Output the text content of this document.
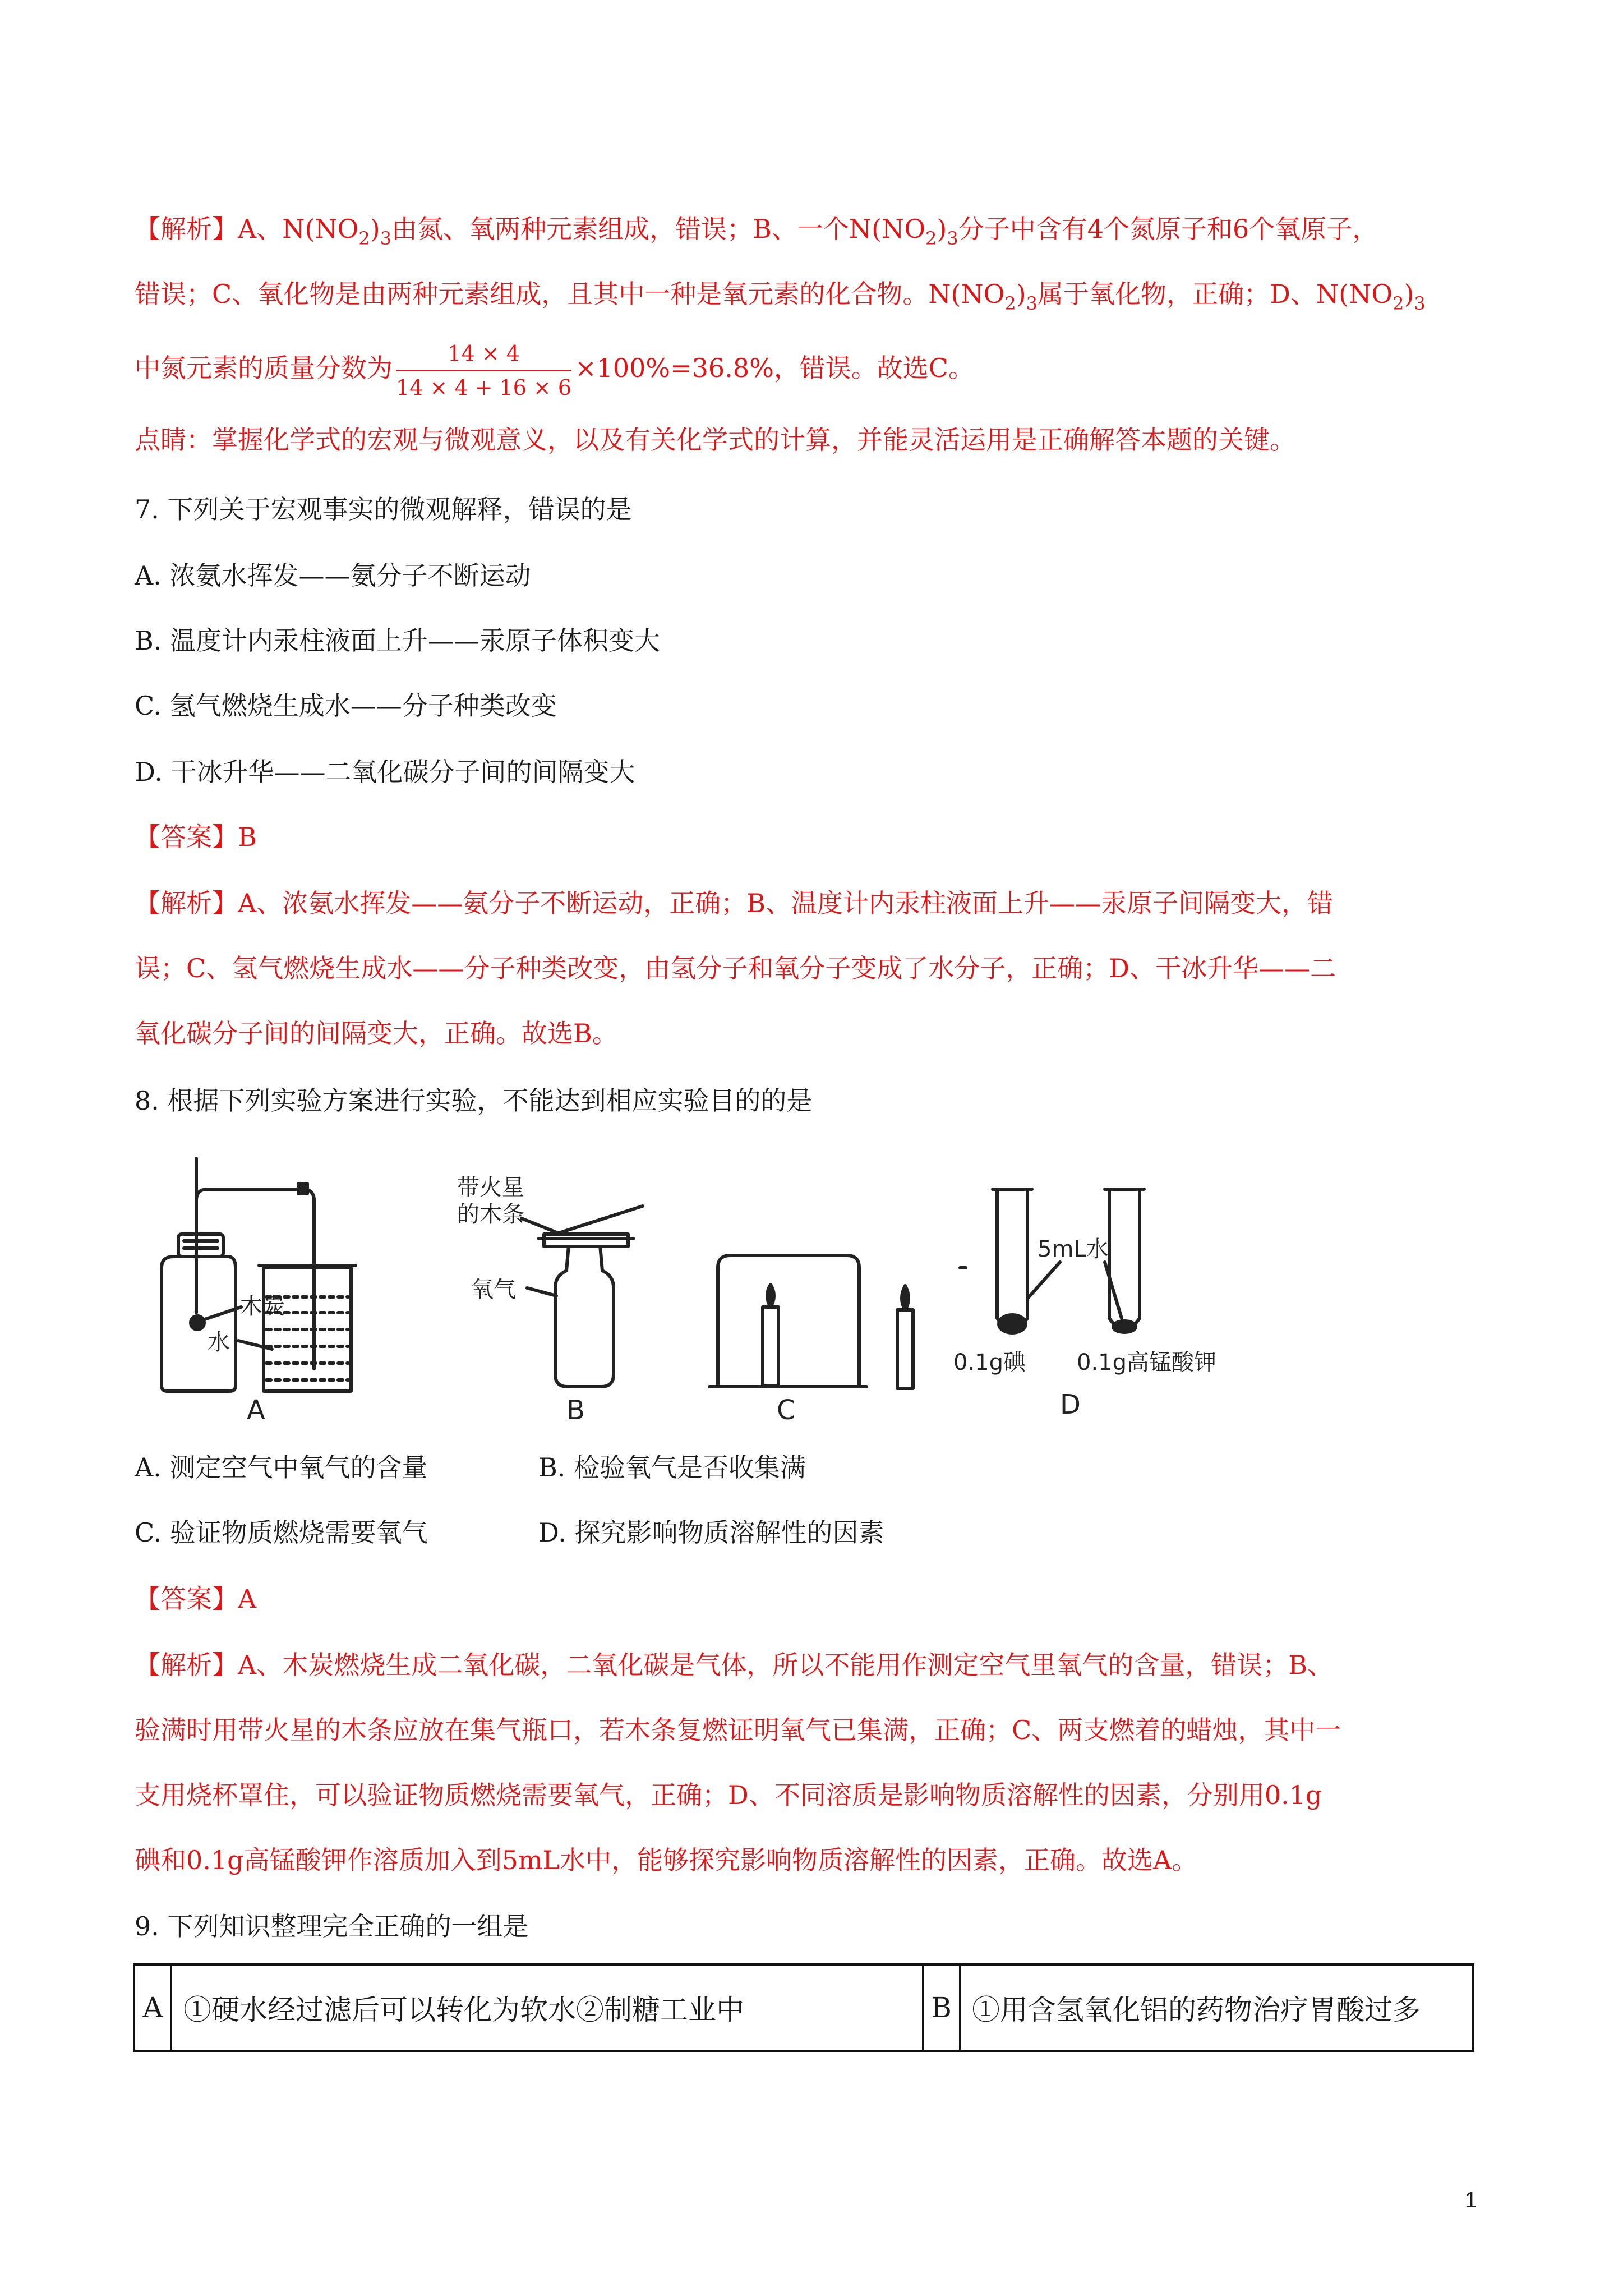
【解析】A、$N(NO_2)_3$由氮、氧两种元素组成，错误；B、一个$N(NO_2)_3$分子中含有4个氮原子和6个氧原子，
错误；C、氧化物是由两种元素组成，且其中一种是氧元素的化合物。$N(NO_2)_3$属于氧化物，正确；D、$N(NO_2)_3$
中氮元素的质量分数为 $\frac{14 \times 4}{14 \times 4 + 16 \times 6} \times 100\%=36.8\%$，错误。故选C。
点睛：掌握化学式的宏观与微观意义，以及有关化学式的计算，并能灵活运用是正确解答本题的关键。
7. 下列关于宏观事实的微观解释，错误的是
A. 浓氨水挥发——氨分子不断运动
B. 温度计内汞柱液面上升——汞原子体积变大
C. 氢气燃烧生成水——分子种类改变
D. 干冰升华——二氧化碳分子间的间隔变大
【答案】B
【解析】A、浓氨水挥发——氨分子不断运动，正确；B、温度计内汞柱液面上升——汞原子间隔变大，错
误；C、氢气燃烧生成水——分子种类改变，由氢分子和氧分子变成了水分子，正确；D、干冰升华——二
氧化碳分子间的间隔变大，正确。故选B。
8. 根据下列实验方案进行实验，不能达到相应实验目的的是
木炭
水
A
带火星
的木条
氧气
B	C
5mL水
0.1g碘 0.1g高锰酸钾
D
A. 测定空气中氧气的含量	B. 检验氧气是否收集满
C. 验证物质燃烧需要氧气	D. 探究影响物质溶解性的因素
【答案】A
【解析】A、木炭燃烧生成二氧化碳，二氧化碳是气体，所以不能用作测定空气里氧气的含量，错误；B、
验满时用带火星的木条应放在集气瓶口，若木条复燃证明氧气已集满，正确；C、两支燃着的蜡烛，其中一
支用烧杯罩住，可以验证物质燃烧需要氧气，正确；D、不同溶质是影响物质溶解性的因素，分别用0.1g
碘和0.1g高锰酸钾作溶质加入到5mL水中，能够探究影响物质溶解性的因素，正确。故选A。
9. 下列知识整理完全正确的一组是
A ①硬水经过滤后可以转化为软水②制糖工业中	B ①用含氢氧化铝的药物治疗胃酸过多
1
